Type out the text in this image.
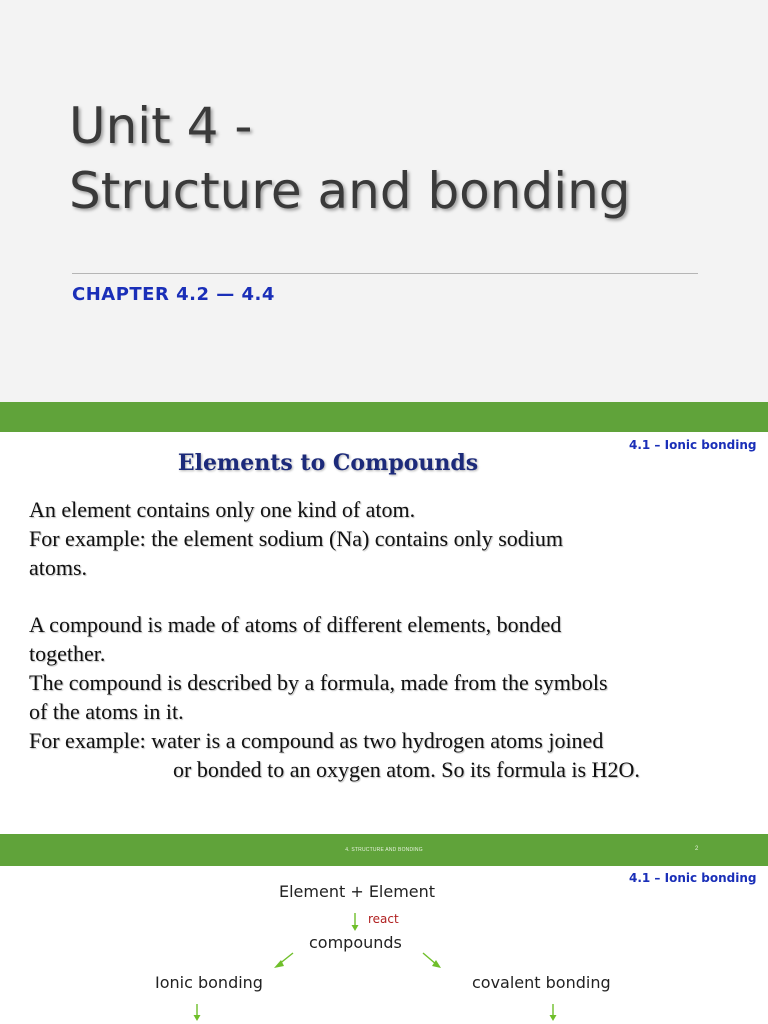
Unit 4 -
Structure and bonding
CHAPTER 4.2 — 4.4
4.1 – Ionic bonding
Elements to Compounds
An element contains only one kind of atom.
For example: the element sodium (Na) contains only sodium
atoms.
A compound is made of atoms of different elements, bonded
together.
The compound is described by a formula, made from the symbols
of the atoms in it.
For example: water is a compound as two hydrogen atoms joined
or bonded to an oxygen atom. So its formula is H2O.
4. STRUCTURE AND BONDING	2
4.1 – Ionic bonding
Element + Element
react
compounds
Ionic bonding	covalent bonding
